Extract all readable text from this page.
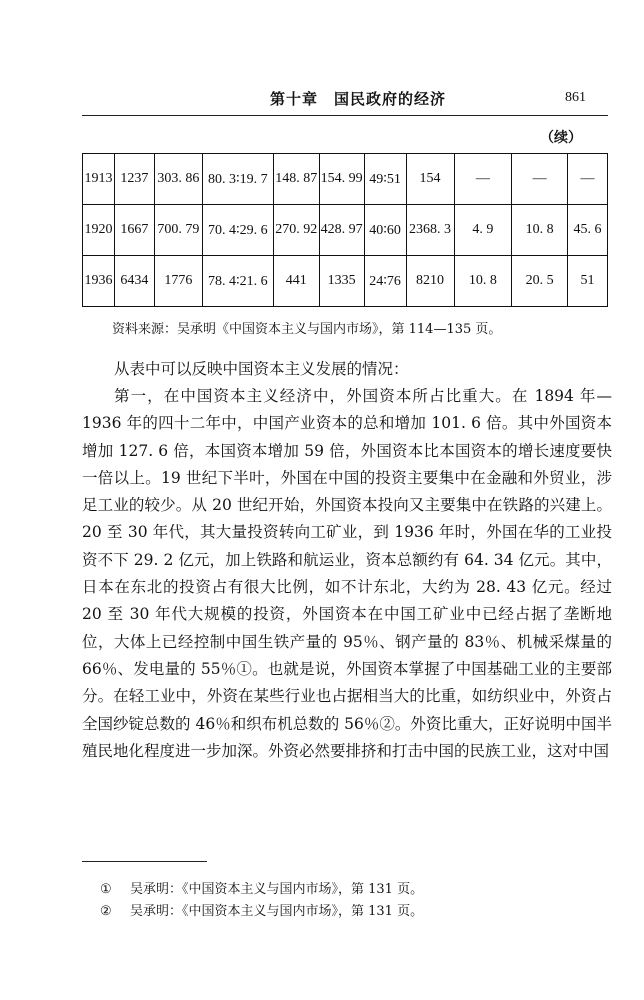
第十章　国民政府的经济	861
（续）
1913	1237	303. 86	80. 3∶19. 7	148. 87	154. 99	49∶51	154	—	—	—
1920	1667	700. 79	70. 4∶29. 6	270. 92	428. 97	40∶60	2368. 3	4. 9	10. 8	45. 6
1936	6434	1776	78. 4∶21. 6	441	1335	24∶76	8210	10. 8	20. 5	51
资料来源：吴承明《中国资本主义与国内市场》，第 114—135 页。

从表中可以反映中国资本主义发展的情况：

第一，在中国资本主义经济中，外国资本所占比重大。在 1894 年—1936 年的四十二年中，中国产业资本的总和增加 101. 6 倍。其中外国资本增加 127. 6 倍，本国资本增加 59 倍，外国资本比本国资本的增长速度要快一倍以上。19 世纪下半叶，外国在中国的投资主要集中在金融和外贸业，涉足工业的较少。从 20 世纪开始，外国资本投向又主要集中在铁路的兴建上。20 至 30 年代，其大量投资转向工矿业，到 1936 年时，外国在华的工业投资不下 29. 2 亿元，加上铁路和航运业，资本总额约有 64. 34 亿元。其中，日本在东北的投资占有很大比例，如不计东北，大约为 28. 43 亿元。经过 20 至 30 年代大规模的投资，外国资本在中国工矿业中已经占据了垄断地位，大体上已经控制中国生铁产量的 95％、钢产量的 83％、机械采煤量的 66％、发电量的 55％①。也就是说，外国资本掌握了中国基础工业的主要部分。在轻工业中，外资在某些行业也占据相当大的比重，如纺织业中，外资占全国纱锭总数的 46％和织布机总数的 56％②。外资比重大，正好说明中国半殖民地化程度进一步加深。外资必然要排挤和打击中国的民族工业，这对中国

① 吴承明：《中国资本主义与国内市场》，第 131 页。
② 吴承明：《中国资本主义与国内市场》，第 131 页。
